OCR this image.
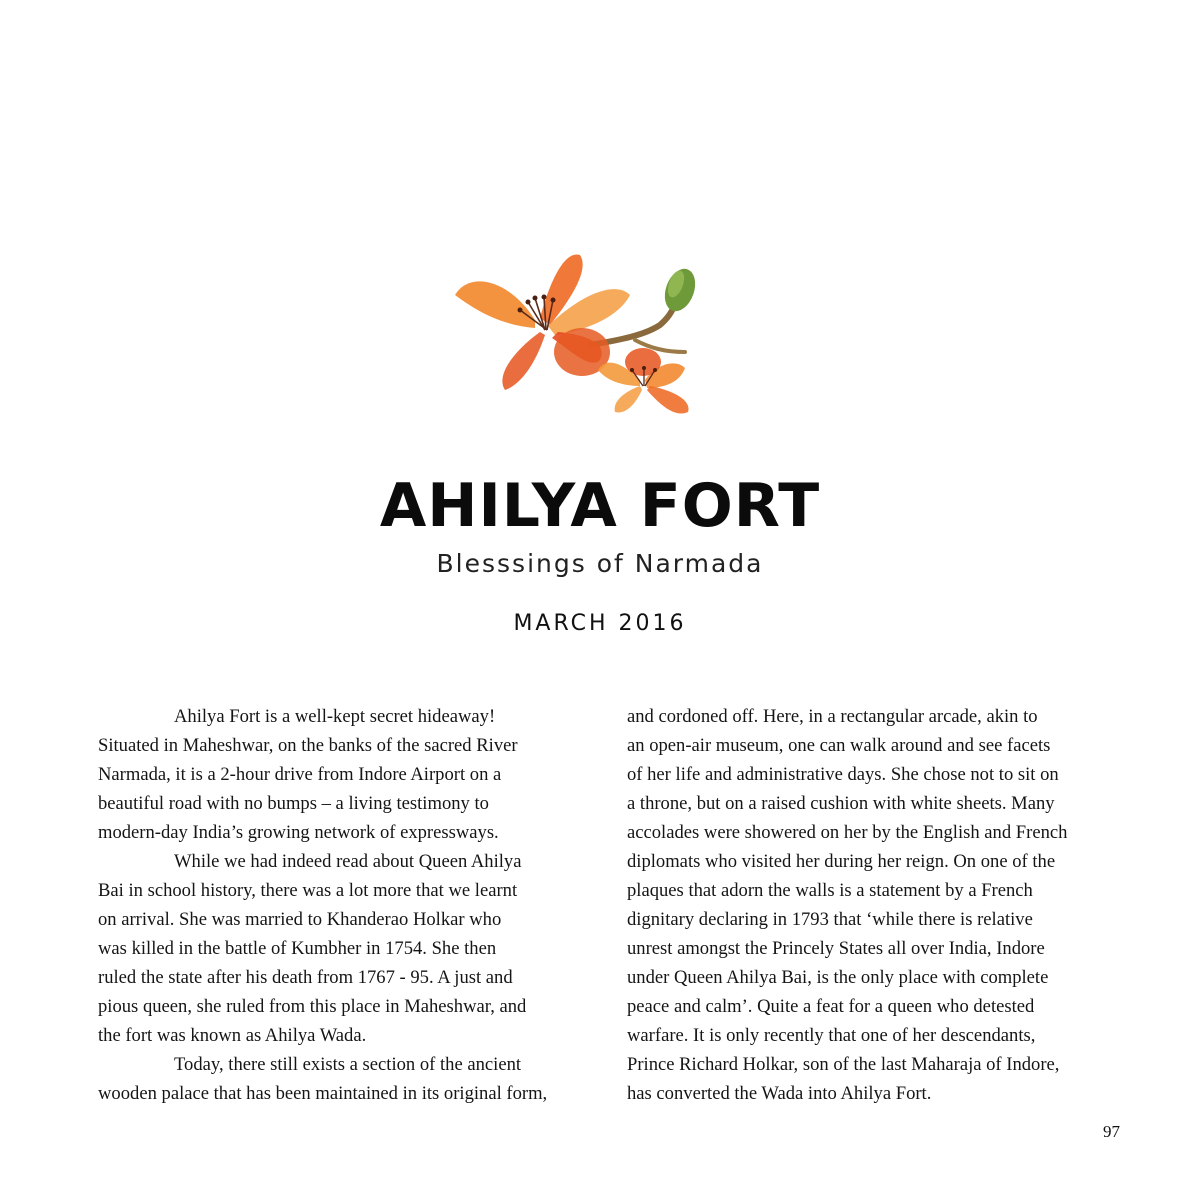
AHILYA FORT
Blesssings of Narmada
MARCH 2016

Ahilya Fort is a well-kept secret hideaway!

Situated in Maheshwar, on the banks of the sacred River

Narmada, it is a 2-hour drive from Indore Airport on a

beautiful road with no bumps – a living testimony to

modern-day India’s growing network of expressways.

While we had indeed read about Queen Ahilya

Bai in school history, there was a lot more that we learnt

on arrival. She was married to Khanderao Holkar who

was killed in the battle of Kumbher in 1754. She then

ruled the state after his death from 1767 - 95. A just and

pious queen, she ruled from this place in Maheshwar, and

the fort was known as Ahilya Wada.

Today, there still exists a section of the ancient

wooden palace that has been maintained in its original form,

and cordoned off. Here, in a rectangular arcade, akin to

an open-air museum, one can walk around and see facets

of her life and administrative days. She chose not to sit on

a throne, but on a raised cushion with white sheets. Many

accolades were showered on her by the English and French

diplomats who visited her during her reign. On one of the

plaques that adorn the walls is a statement by a French

dignitary declaring in 1793 that ‘while there is relative

unrest amongst the Princely States all over India, Indore

under Queen Ahilya Bai, is the only place with complete

peace and calm’. Quite a feat for a queen who detested

warfare. It is only recently that one of her descendants,

Prince Richard Holkar, son of the last Maharaja of Indore,

has converted the Wada into Ahilya Fort.

97
